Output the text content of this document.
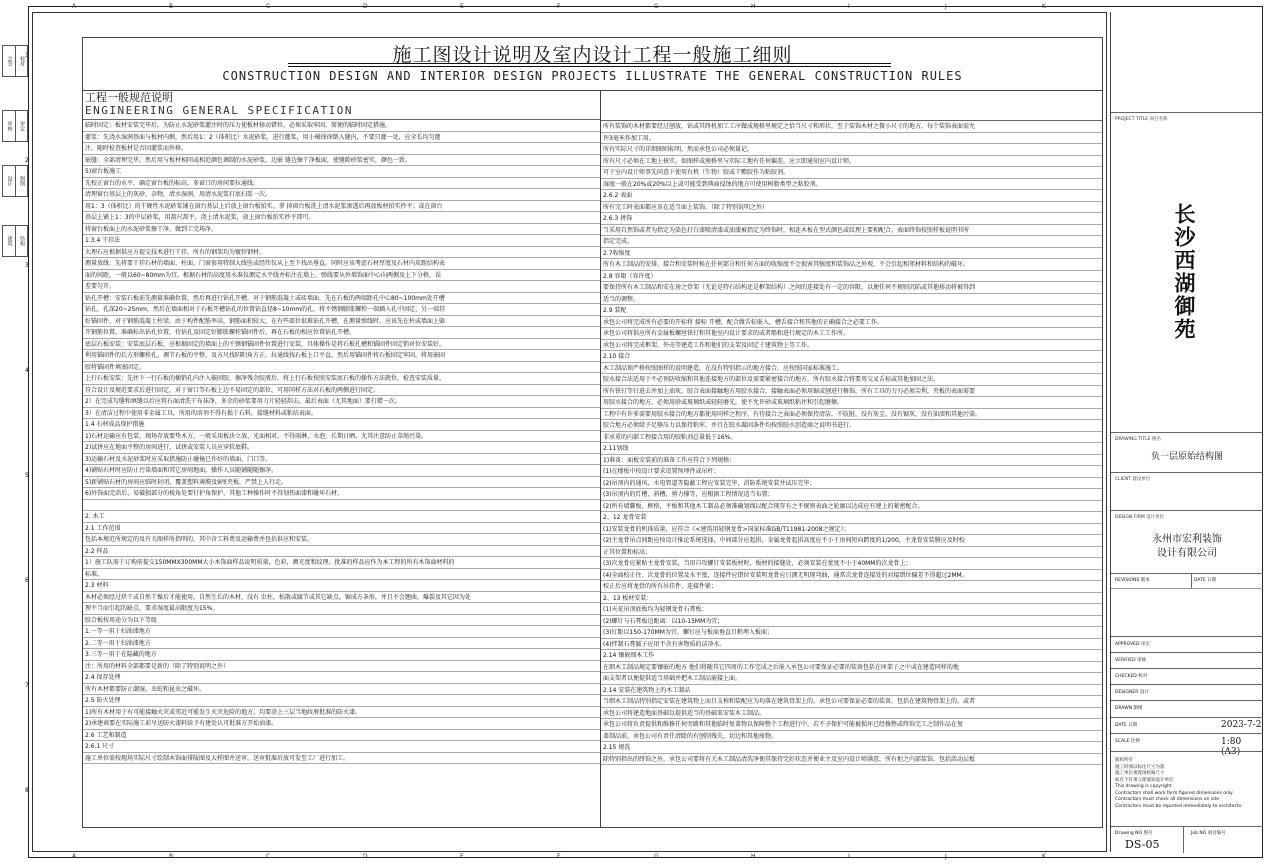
A	B	C	D	E	F	G	H	I	J	K
A	B	C	D	E	F	G	H	I	J	K
1
2
3
4
5
6
7
8
会签	校对
审核	审定
设计	制图
建筑	结构
施工图设计说明及室内设计工程一般施工细则
CONSTRUCTION DESIGN AND INTERIOR DESIGN PROJECTS ILLUSTRATE THE GENERAL CONSTRUCTION RULES
工程一般规范说明
ENGINEERING GENERAL SPECIFICATION
临时固定：板材安装完毕后，为防止水泥砂浆灌注时的压力使板材移动错位，必须采取牢固、简便的临时固定措施。
灌浆：先浇水湿润基面与板材内侧，然后用1：2（体积比）水泥砂浆，进行灌浆，用小桶徐徐倒入缝内，不要只灌一处，应全长均匀灌
注，随时检查板材是否因灌浆而外移。
嵌缝：全部清理完毕，然后用与板材相同或相近颜色调制的水泥砂浆，边嵌 缝边擦干净板面，使缝隙砂浆密实，颜色一致。
5)窗台板施工
先校正窗台的水平，确定窗台板的标高，多窗口的房间要拉通线。
清理窗台基层上的灰砂、杂物，清水湿润，用清水泥浆打底扫浆一次。
用1：3（体积比）的干硬性水泥砂浆铺在窗台基层上后放上窗台板拍实。拿 掉窗台板洗上清水泥浆渗透后再放板材拍实抄平；或在窗台
基层上铺上1：3的中层砂浆，用刮尺刮平，浇上清水泥浆，放上窗台板拍实抄平即可。
将窗台板面上的水泥砂浆擦干净，做到工完场净。
1.3.4 干挂法
大理石应根据供应方提交技术进行干挂，所有的钢架均为镀锌钢材。
测量放线：先将要干挂石材的墙面、柱面、门窗套用特制大线坠或经纬仪从上至下找出垂直。同时应该考虑石材厚度及石材内皮距结构表
面的间距，一般以60~80mm为宜。根据石材的高度用水准仪测定水平线并标注在墙上，弹线要从外墙饰面中心向两侧及上下分格，误
差要匀开。
钻孔开槽：安装石板前先测量准确位置，然后再进行钻孔开槽，对于钢筋混凝土或砖墙面，先在石板的两端距孔中心80~100mm处开槽
钻孔，孔深20~25mm，然后在墙面相对于石板开槽钻孔的位置钻直径8~10mm的孔，将不锈钢膨胀螺栓一端插入孔中固定，另一端挂
好锚固件，对于钢筋混凝土柱梁，由于构件配筋率高，钢筋面积较大，在有些部位很难钻孔开槽，在测量弹线时，应该先在柱或墙面上躲
开钢筋位置，准确标出钻孔位置，待钻孔及固定好膨胀螺栓锚固件后，再在石板的相应位置钻孔开槽。
底层石板安装：安装底层石板，应根据固定的墙面上的不锈钢锚固件位置进行安装，具体操作是将石板孔槽和锚固件固定销对位安装好，
利用锚固件的长方形螺栓孔，调节石板的平整，及方尺找阴阳角方正，拉通线找石板上口平直，然后用锚固件将石板固定牢固，将用嵌固
胶将锚固件填塞固定。
上行石板安装：先往下一行石板的插销孔内注入嵌固胶，擦净残余胶液后，将上行石板按照安装底石板的操作方法就位，检查安装质量，
符合设计及规范要求后进行固定，对于窗口等石板上边不易固定的部位，可用同样方法对石板的两侧进行固定。
2）在完成勾缝和填缝以后应将石面清洗干布抹净，多余的砂浆要用刀片轻轻刮去，最后表面（尤其地面）要打蜡一次。
3）在清洁过程中使用非金属工具，所用的溶剂不得有损于石料，接缝材料或粘结表面。
1.4 石材成品保护措施
1)石材运输应有包装，现场存放要垫木方，一般采用板块立放，光面相对。不得雨淋，水泡，长期日晒。尤其注意防止草绳污染。
2)试拼应在地面平整的房间进行，试拼或安装人员应穿软底鞋。
3)运输石材及水泥砂浆时应采取措施防止碰撞已作好的墙面、门口等。
4)铺贴石材时应防止污染墙面和其它房间地面，操作人员随铺随随擦净。
5)新铺贴石材的房间应临时封闭，覆盖塑料薄膜及9厘夹板，严禁上人行走。
6)外饰面完活后，易破损部分的棱角处要钉护角保护，其他工种操作时不得划伤面漆和碰坏石材。
2. 木工
2.1 工作范围
包括本规范所规定的及有关图样所指明的，其中含工料费及运输费并包括供应和安装。
2.2 样品
1）施工队需于订购前提交150MMX300MM大小木饰面样品说明质量，色彩，颜光度和纹理。批准的样品应作为本工程的所有木饰面材料的
标准。
2.3 材料
木材必须经过烘干或自然干燥后才能使用，自然生长的木材，没有 虫柱，松散或腐节或其它缺点，锯成方条形，并且不会翘曲，爆裂及其它因为处
理不当而引起的缺点，要求湿度最高限度为15%。
胶合板按用途分为以下等级
1.一等一用于扫油漆地方
2.二等一用于扫油漆地方
3.三等一用于在隐藏的地方
注：所用的材料全部都要是新的（除了特别说明之外）
2.4 保存处理
所有木材都要防止潮湿，虫蛀和昆虫之破坏。
2.5 防火处理
1)所有木材用于有可能接触火灾或邻近可能发生火灾危险的地方，均要涂上三层当地政府批准的防火漆。
2)承建商要在实际施工前呈送防火漆料给予有建处认可批准方开始油漆。
2.6 工艺和制造
2.6.1 尺寸
施工单位需按现场实际尺寸绘制木饰面排版图及大样图并送审，送审批准后放可发至工厂进行加工。
所有装饰的木材都要经过刨放，钻或其终机加工工序做成规格里规定之恰当尺寸和形状，至于装饰木材之微小尺寸的地方，每个装饰表面需允
许3毫米作加工用。
所有实际尺寸的详细图则标明，然而承包公司必须量记。
所有尺寸必须在工地上核实，如图样或规格里与实际工地有任何偏差，应立即通知室内设计师。
可于室内设计师事先同意下使用有机（生物）胶或干酯胶作为粘胶剂。
湿度一般在20%或20%以上或可能受到典面侵蚀的地方可使用树脂类型之粘胶剂。
2.6.2 表面
所有完工时表面都应该在适当面上装饰。（除了特别说明之外）
2.6.3 拼饰
当采用自然饰或者为指定为染色打白漆喷清漆或油漆被指定为终饰时，相连木板在型式颜色或纹理上要相配合，表面终饰按照样板说明书所
指定完成。
2.7收缩度
所有木工制品的安排，接合和安装时候在任何部分和任何方面的收缩度不会损害其强度和装饰品之外观，不会引起相邻材料和结构的破坏。
2.8 容限（容许度）
要保持所有木工制品和安在房之骨架（无论是特石结构还是框架结构）之间的连接处有一定的容限，以便任何不规则沉陷或其他移动将被得到
适当的调整。
2.9 装配
承包公司将完成所有必要的开标将 接标 开槽，配合做舌标嵌入，槽舌接合和其他的正确接合之必要工作。
承包公司将供应所有金属板螺丝铁钉和其他室内设计要求的或者船和进行规定的木工工作所。
承包公司将完成框架，外壳等建造工作和他们的支架及固定于建筑物上等工作。
2.10 接合
木工制品须严格按照图样的说明建造，在没有特别指示的地方接合，应按照国家标准施工。
胶水接合法适用于不必预防收缩和其他连接地方的部位及需要紧密接合的地方，所有胶水接合将要用交叉舌标或其他加固之法。
所有铁钉等钉进去并加上油灰，胶合表面接触地方用胶水接合，接触表面必须用锯或刨进行修饰，所有工具的刀刃必须尖利，夹板的表面需要
用胶水接合的地方，必须用砂或玻璃纸或轻轻磨光，使不允许砂或玻璃纸粘住和引起磨擦。
工程中有许多需要用胶水接合的地方都使用同样之程序，有待接合之表面必须保持清洁，不肮脏，没有灰尘，没有锯灰，没有油渍和其他污染。
胶合地方必须给予足够压力以保持粘牢，并且在胶水凝固条件均按照胶水创造商之说明书进行。
非承重的内部工程接合用的胶粘剂总量低于16%。
2.11划线
1)准备：面板安装前的准备工作应符合下列规格：
(1)在楼板中按设计要求设置预埋件或吊杆；
(2)吊顶内的通风，水电管道等隐蔽工程应安装完毕，消防系统安装并试压完毕；
(3)吊顶内的灯槽，斜槽，剪力撑等，应根据工程情况适当布置；
(2)所有墙脚板，框格，平板和其他木工制品必须准确划线以配合现存有之不规则表面之轮廓以达成应有建上的紧密配合。
2、12 龙骨安装
(1)安装龙骨的机体质量，应符合《<建筑用轻钢龙骨>国家标准GB/T11981-2008之规定》；
(2)主龙骨吊点间距应按设计推论系统选择，中间部分应起拱，金属龙骨起拱高度应不小于房间短向跨度的1/200，主龙骨安装膜应及时校
正其位置和标高；
(3)次龙骨应紧贴主龙骨安装，当用自攻螺钉安装板材时，板材的接缝处，必须安装在宽度不小于40MM的次龙骨上；
(4)全面校正住、次龙骨的位置及水平度，连接件应错位安装明龙骨应目测无明现弯曲，通常次龙骨连接处的对接错位偏差不得超过2MM。
校正后应将龙骨的所有吊挂件、连接件紧；
2、13 板材安装：
(1)天花吊顶底板均为轻钢龙骨石膏板；
(2)螺钉与石膏板边距离：以10-15MM为宜；
(3)钉距以150-170MM为宜，螺钉应与板面垂直且稍埋入板面；
(4)拌制石膏腻子应用不含有害物质的洁净水。
2.14 镶嵌细木工作
在细木工制品规定要镶嵌的地方 他们将随其它四周的工作完成之后嵌入承包公司要保证必要的装备包括在座架子之中或在建造同样的地
面支架者以便提供适当基础并把木工制品嵌接上面。
2.14 安装在建筑物上的木工制品
当细木工制品特别指定安装在建筑物上而且支称和装配应为均落在建筑骨架上的，承包公司要保证必要的装备，包括在建筑物骨架上的，或者
承包公司将建造地面基础以提供适当的基础来安装木工制品。
承包公司将负责提供和维修任何旁路和其他临时复盖物以保障整个工程进行中，若不予保护可能被损坏已经修整或终饰完工之制作品在复
盖制品前，承包公司有责任清除的有刨削残失，切边和其他废物。
2.15 规洗
除特别指出的终饰之外，承包公司要将有关木工制品清洗净便其保持完好状态并便业主及室内设计师满意，所有柜之内部装饰，包括活动层板
PROJECT TITLE 项目名称
长沙西湖御苑
DRAWING TITLE 图名
负一层原始结构图
CLIENT 建设单位
DESIGN FIRM 设计单位
永州市宏利装饰
设计有限公司
REVISIONS 版本	DATE 日期
APPROVED 审定
VERIFIED 审核
CHECKED 校对
DESIGNER 设计
DRAWN 制图
DATE 日期	2023-7-2
SCALE 比例	1:80 (A3)
版权所有
施工时须以标注尺寸为准
施工单位须现场校核尺寸
如有不符须立即通知设计单位
This drawing is copyright
Contractors shall work form figured dimensions only
Contractors must check all dimensions on site
Contractors must be reported immediately to architects.
Drawing NO 图号	Job NO 项目编号
DS-05
